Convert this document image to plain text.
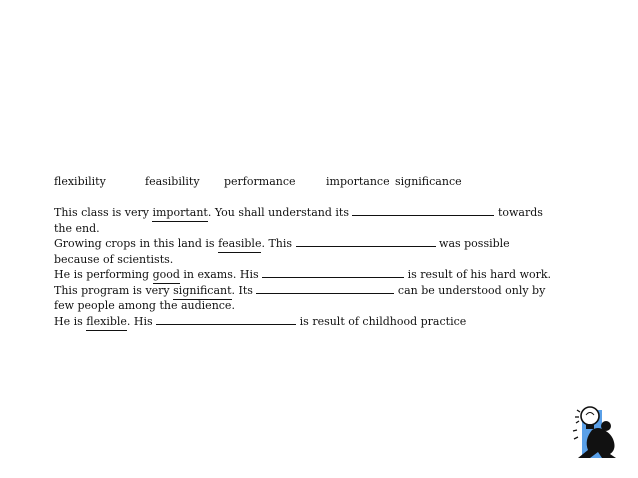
flexibility	feasibility performance	importance significance

This class is very important. You shall understand its	towards the end.

Growing crops in this land is feasible. This	was possible because of scientists.

He is performing good in exams. His	is result of his hard work.

This program is very significant. Its	can be understood only by few people among the audience.

He is flexible. His	is result of childhood practice
